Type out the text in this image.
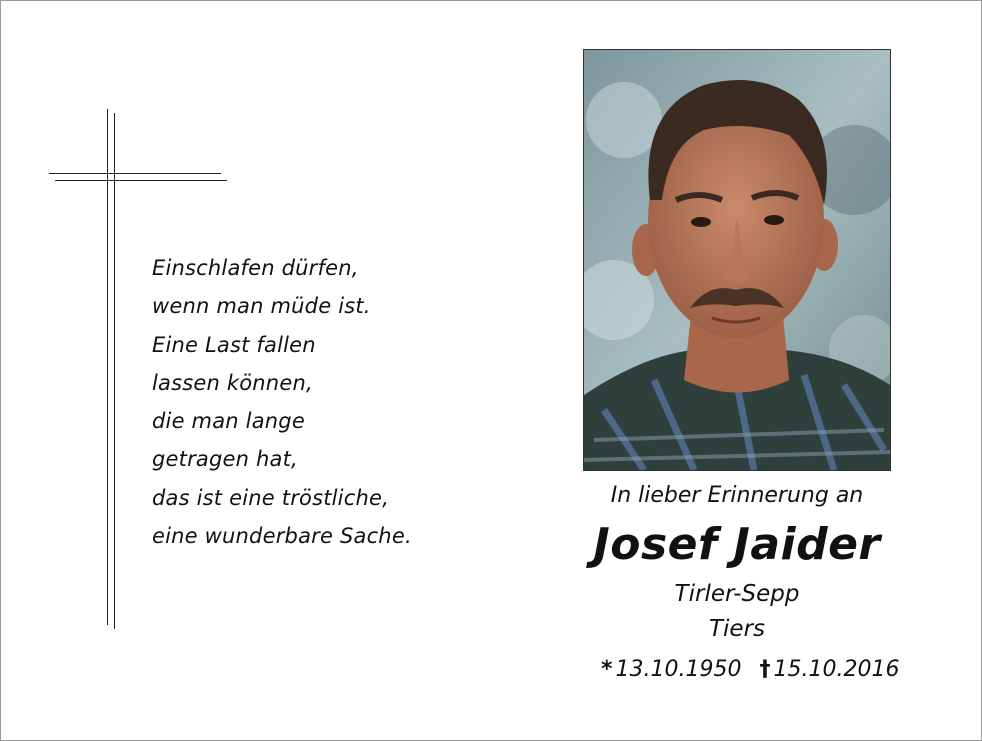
Einschlafen dürfen,
wenn man müde ist.
Eine Last fallen
lassen können,
die man lange
getragen hat,
das ist eine tröstliche,
eine wunderbare Sache.
In lieber Erinnerung an
Josef Jaider
Tirler-Sepp
Tiers
* 13.10.1950 † 15.10.2016
